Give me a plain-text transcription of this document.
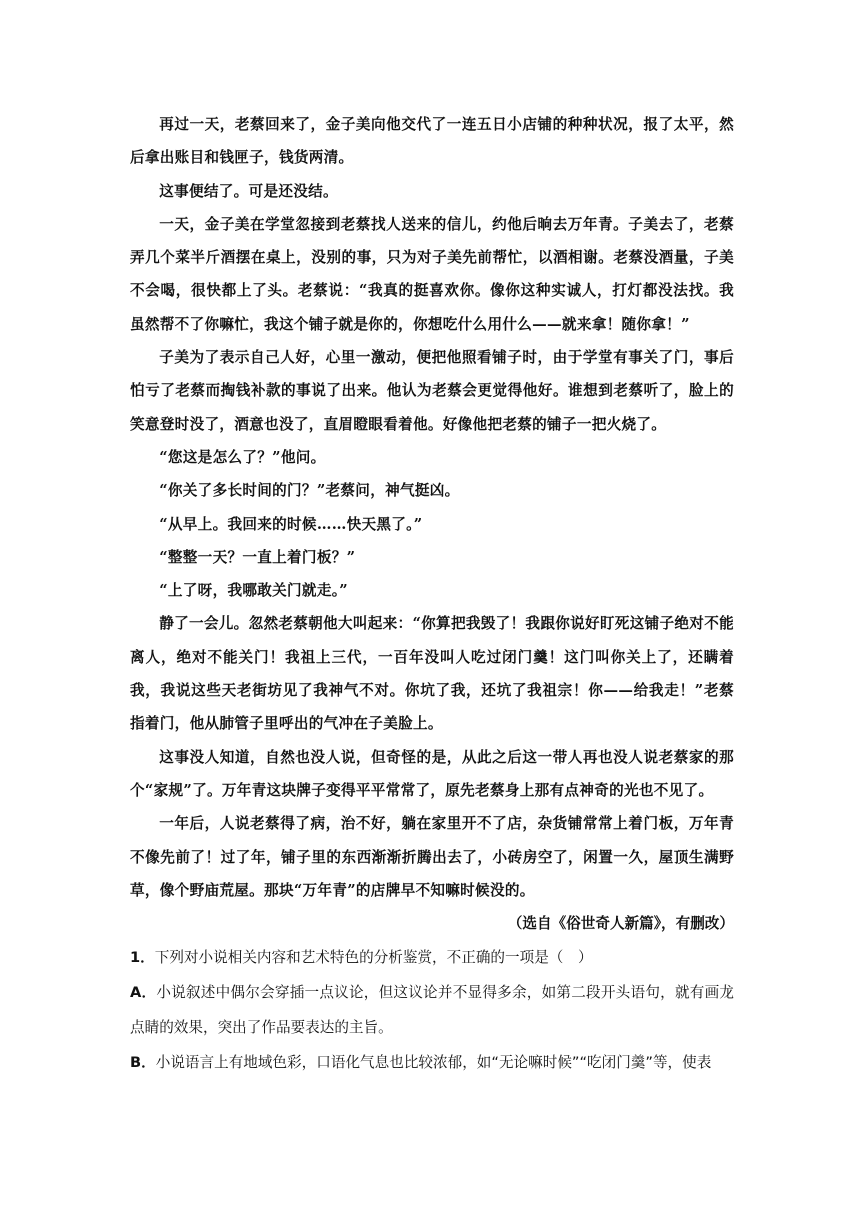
再过一天，老蔡回来了，金子美向他交代了一连五日小店铺的种种状况，报了太平，然后拿出账目和钱匣子，钱货两清。

这事便结了。可是还没结。

一天，金子美在学堂忽接到老蔡找人送来的信儿，约他后晌去万年青。子美去了，老蔡弄几个菜半斤酒摆在桌上，没别的事，只为对子美先前帮忙，以酒相谢。老蔡没酒量，子美不会喝，很快都上了头。老蔡说：“我真的挺喜欢你。像你这种实诚人，打灯都没法找。我虽然帮不了你嘛忙，我这个铺子就是你的，你想吃什么用什么——就来拿！随你拿！”

子美为了表示自己人好，心里一激动，便把他照看铺子时，由于学堂有事关了门，事后怕亏了老蔡而掏钱补款的事说了出来。他认为老蔡会更觉得他好。谁想到老蔡听了，脸上的笑意登时没了，酒意也没了，直眉瞪眼看着他。好像他把老蔡的铺子一把火烧了。

“您这是怎么了？”他问。

“你关了多长时间的门？”老蔡问，神气挺凶。

“从早上。我回来的时候……快天黑了。”

“整整一天？一直上着门板？”

“上了呀，我哪敢关门就走。”

静了一会儿。忽然老蔡朝他大叫起来：“你算把我毁了！我跟你说好盯死这铺子绝对不能离人，绝对不能关门！我祖上三代，一百年没叫人吃过闭门羹！这门叫你关上了，还瞒着我，我说这些天老街坊见了我神气不对。你坑了我，还坑了我祖宗！你——给我走！”老蔡指着门，他从肺管子里呼出的气冲在子美脸上。

这事没人知道，自然也没人说，但奇怪的是，从此之后这一带人再也没人说老蔡家的那个“家规”了。万年青这块牌子变得平平常常了，原先老蔡身上那有点神奇的光也不见了。

一年后，人说老蔡得了病，治不好，躺在家里开不了店，杂货铺常常上着门板，万年青不像先前了！过了年，铺子里的东西渐渐折腾出去了，小砖房空了，闲置一久，屋顶生满野草，像个野庙荒屋。那块“万年青”的店牌早不知嘛时候没的。

（选自《俗世奇人新篇》，有删改）

1．下列对小说相关内容和艺术特色的分析鉴赏，不正确的一项是（　）

A．小说叙述中偶尔会穿插一点议论，但这议论并不显得多余，如第二段开头语句，就有画龙点睛的效果，突出了作品要表达的主旨。

B．小说语言上有地域色彩，口语化气息也比较浓郁，如“无论嘛时候”“吃闭门羹”等，使表
